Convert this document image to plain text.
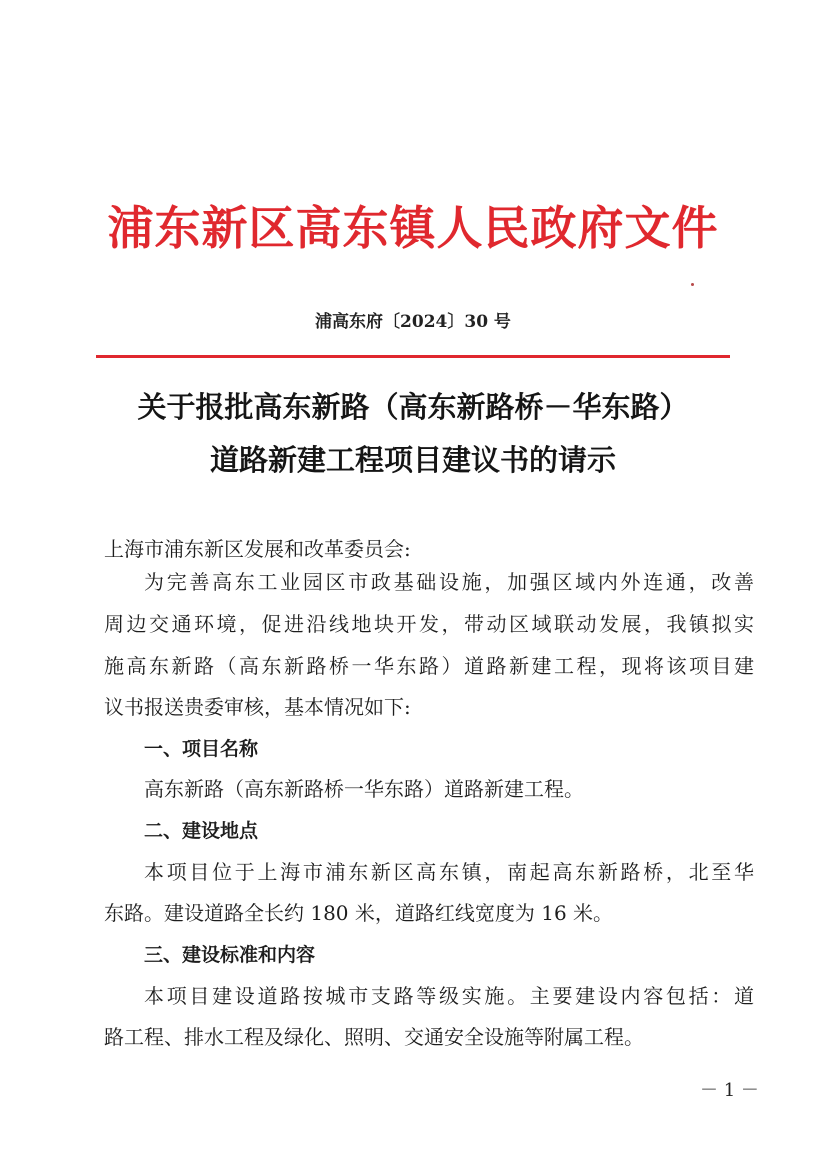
浦东新区高东镇人民政府文件
浦高东府〔2024〕30 号
关于报批高东新路（高东新路桥－华东路）
道路新建工程项目建议书的请示
上海市浦东新区发展和改革委员会:
为完善高东工业园区市政基础设施，加强区域内外连通，改善
周边交通环境，促进沿线地块开发，带动区域联动发展，我镇拟实
施高东新路（高东新路桥一华东路）道路新建工程，现将该项目建
议书报送贵委审核，基本情况如下:
一、项目名称
高东新路（高东新路桥一华东路）道路新建工程。
二、建设地点
本项目位于上海市浦东新区高东镇，南起高东新路桥，北至华
东路。建设道路全长约 180 米，道路红线宽度为 16 米。
三、建设标准和内容
本项目建设道路按城市支路等级实施。主要建设内容包括：道
路工程、排水工程及绿化、照明、交通安全设施等附属工程。
－ 1 －
